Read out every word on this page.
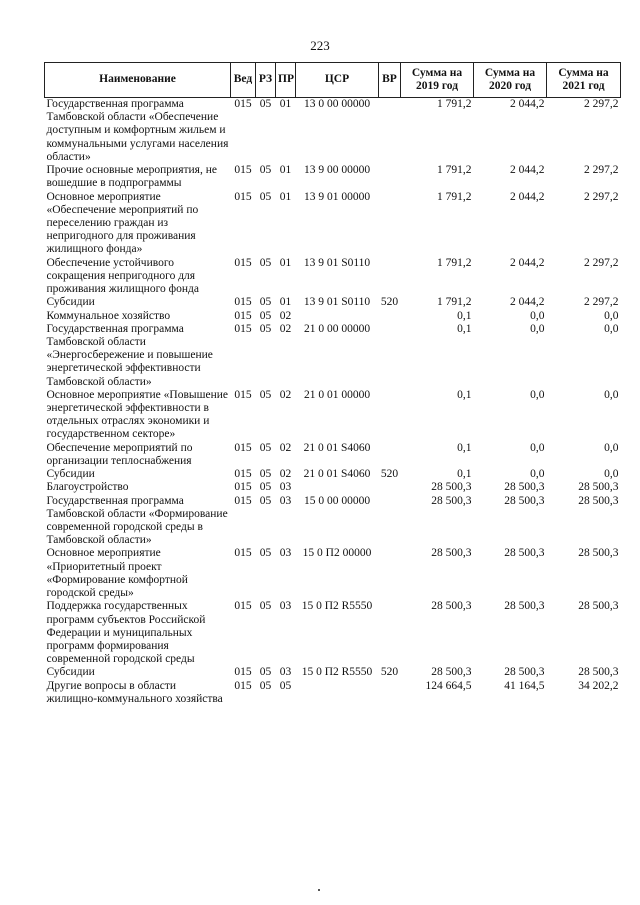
223
Наименование	Вед	РЗ	ПР	ЦСР	ВР	Сумма на 2019 год	Сумма на 2020 год	Сумма на 2021 год
Государственная программа Тамбовской области «Обеспечение доступным и комфортным жильем и коммунальными услугами населения области»	015	05	01	13 0 00 00000		1 791,2	2 044,2	2 297,2
Прочие основные мероприятия, не вошедшие в подпрограммы	015	05	01	13 9 00 00000		1 791,2	2 044,2	2 297,2
Основное мероприятие «Обеспечение мероприятий по переселению граждан из непригодного для проживания жилищного фонда»	015	05	01	13 9 01 00000		1 791,2	2 044,2	2 297,2
Обеспечение устойчивого сокращения непригодного для проживания жилищного фонда	015	05	01	13 9 01 S0110		1 791,2	2 044,2	2 297,2
Субсидии	015	05	01	13 9 01 S0110	520	1 791,2	2 044,2	2 297,2
Коммунальное хозяйство	015	05	02			0,1	0,0	0,0
Государственная программа Тамбовской области «Энергосбережение и повышение энергетической эффективности Тамбовской области»	015	05	02	21 0 00 00000		0,1	0,0	0,0
Основное мероприятие «Повышение энергетической эффективности в отдельных отраслях экономики и государственном секторе»	015	05	02	21 0 01 00000		0,1	0,0	0,0
Обеспечение мероприятий по организации теплоснабжения	015	05	02	21 0 01 S4060		0,1	0,0	0,0
Субсидии	015	05	02	21 0 01 S4060	520	0,1	0,0	0,0
Благоустройство	015	05	03			28 500,3	28 500,3	28 500,3
Государственная программа Тамбовской области «Формирование современной городской среды в Тамбовской области»	015	05	03	15 0 00 00000		28 500,3	28 500,3	28 500,3
Основное мероприятие «Приоритетный проект «Формирование комфортной городской среды»	015	05	03	15 0 П2 00000		28 500,3	28 500,3	28 500,3
Поддержка государственных программ субъектов Российской Федерации и муниципальных программ формирования современной городской среды	015	05	03	15 0 П2 R5550		28 500,3	28 500,3	28 500,3
Субсидии	015	05	03	15 0 П2 R5550	520	28 500,3	28 500,3	28 500,3
Другие вопросы в области жилищно-коммунального хозяйства	015	05	05			124 664,5	41 164,5	34 202,2
